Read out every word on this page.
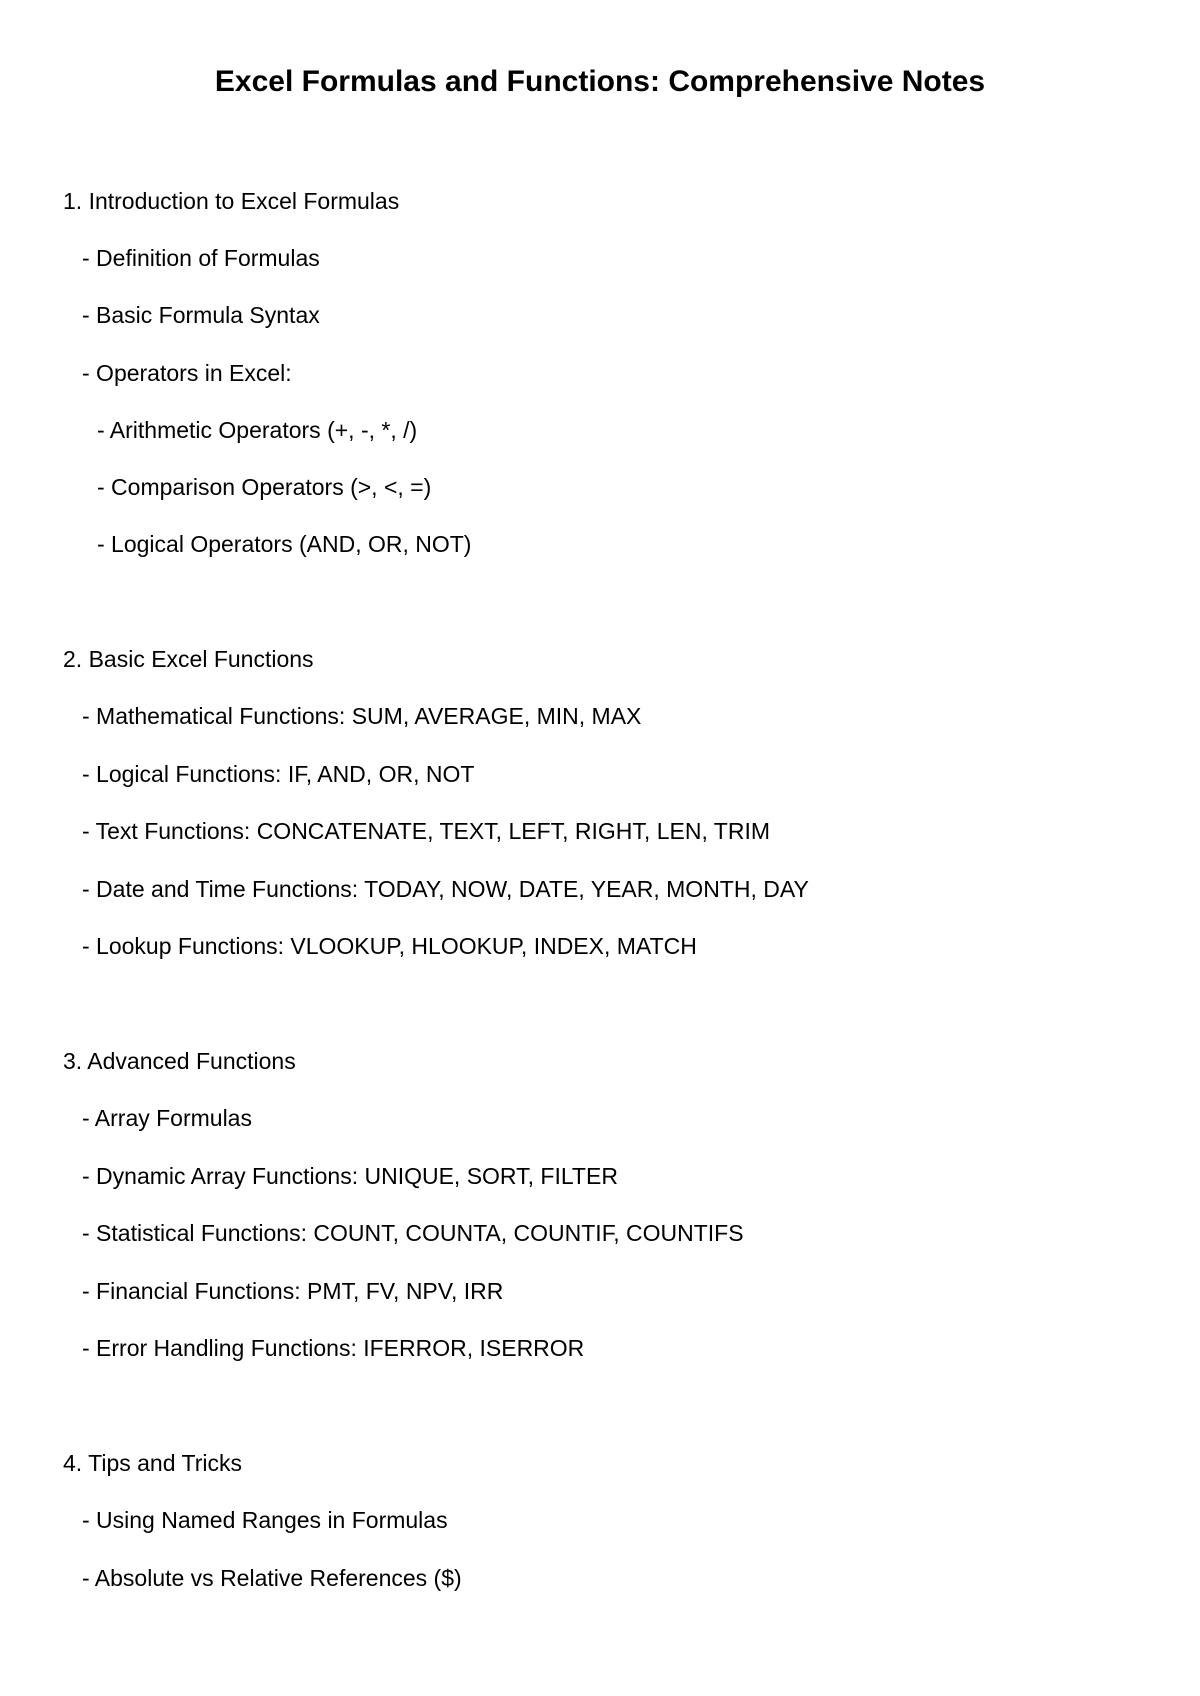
Excel Formulas and Functions: Comprehensive Notes
1. Introduction to Excel Formulas
- Definition of Formulas
- Basic Formula Syntax
- Operators in Excel:
- Arithmetic Operators (+, -, *, /)
- Comparison Operators (>, <, =)
- Logical Operators (AND, OR, NOT)
2. Basic Excel Functions
- Mathematical Functions: SUM, AVERAGE, MIN, MAX
- Logical Functions: IF, AND, OR, NOT
- Text Functions: CONCATENATE, TEXT, LEFT, RIGHT, LEN, TRIM
- Date and Time Functions: TODAY, NOW, DATE, YEAR, MONTH, DAY
- Lookup Functions: VLOOKUP, HLOOKUP, INDEX, MATCH
3. Advanced Functions
- Array Formulas
- Dynamic Array Functions: UNIQUE, SORT, FILTER
- Statistical Functions: COUNT, COUNTA, COUNTIF, COUNTIFS
- Financial Functions: PMT, FV, NPV, IRR
- Error Handling Functions: IFERROR, ISERROR
4. Tips and Tricks
- Using Named Ranges in Formulas
- Absolute vs Relative References ($)
